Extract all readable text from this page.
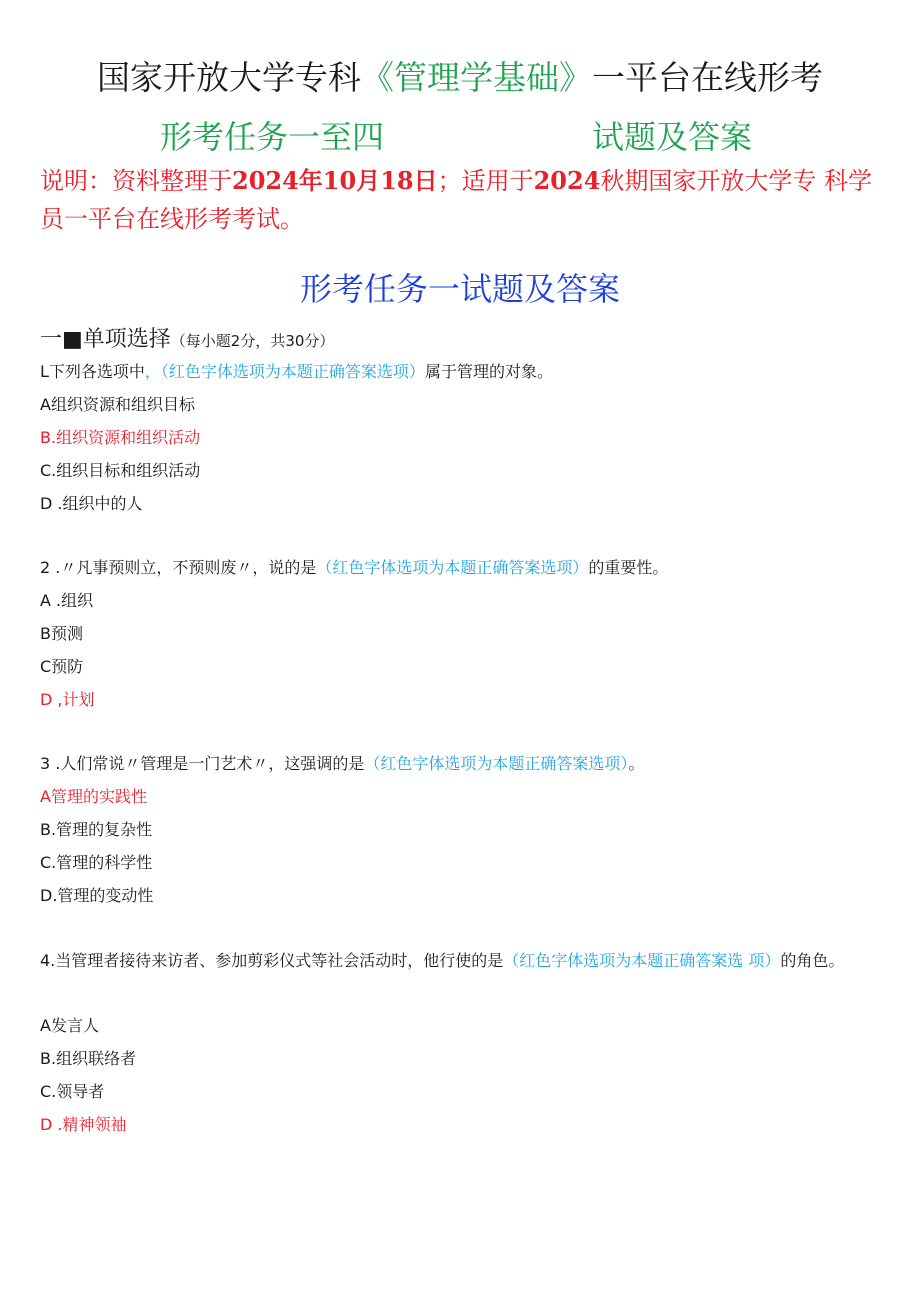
国家开放大学专科《管理学基础》一平台在线形考
形考任务一至四	试题及答案
说明：资料整理于2024年10月18日；适用于2024秋期国家开放大学专 科学员一平台在线形考考试。
形考任务一试题及答案
一■单项选择（每小题2分，共30分）
L下列各选项中，（红色字体选项为本题正确答案选项）属于管理的对象。
A组织资源和组织目标
B.组织资源和组织活动
C.组织目标和组织活动
D .组织中的人
2 .〃凡事预则立，不预则废〃，说的是（红色字体选项为本题正确答案选项）的重要性。
A .组织
B预测
C预防
D ,计划
3 .人们常说〃管理是一门艺术〃，这强调的是（红色字体选项为本题正确答案选项）。
A管理的实践性
B.管理的复杂性
C.管理的科学性
D.管理的变动性
4.当管理者接待来访者、参加剪彩仪式等社会活动时，他行使的是（红色字体选项为本题正确答案选 项）的角色。
A发言人
B.组织联络者
C.领导者
D .精神领袖
